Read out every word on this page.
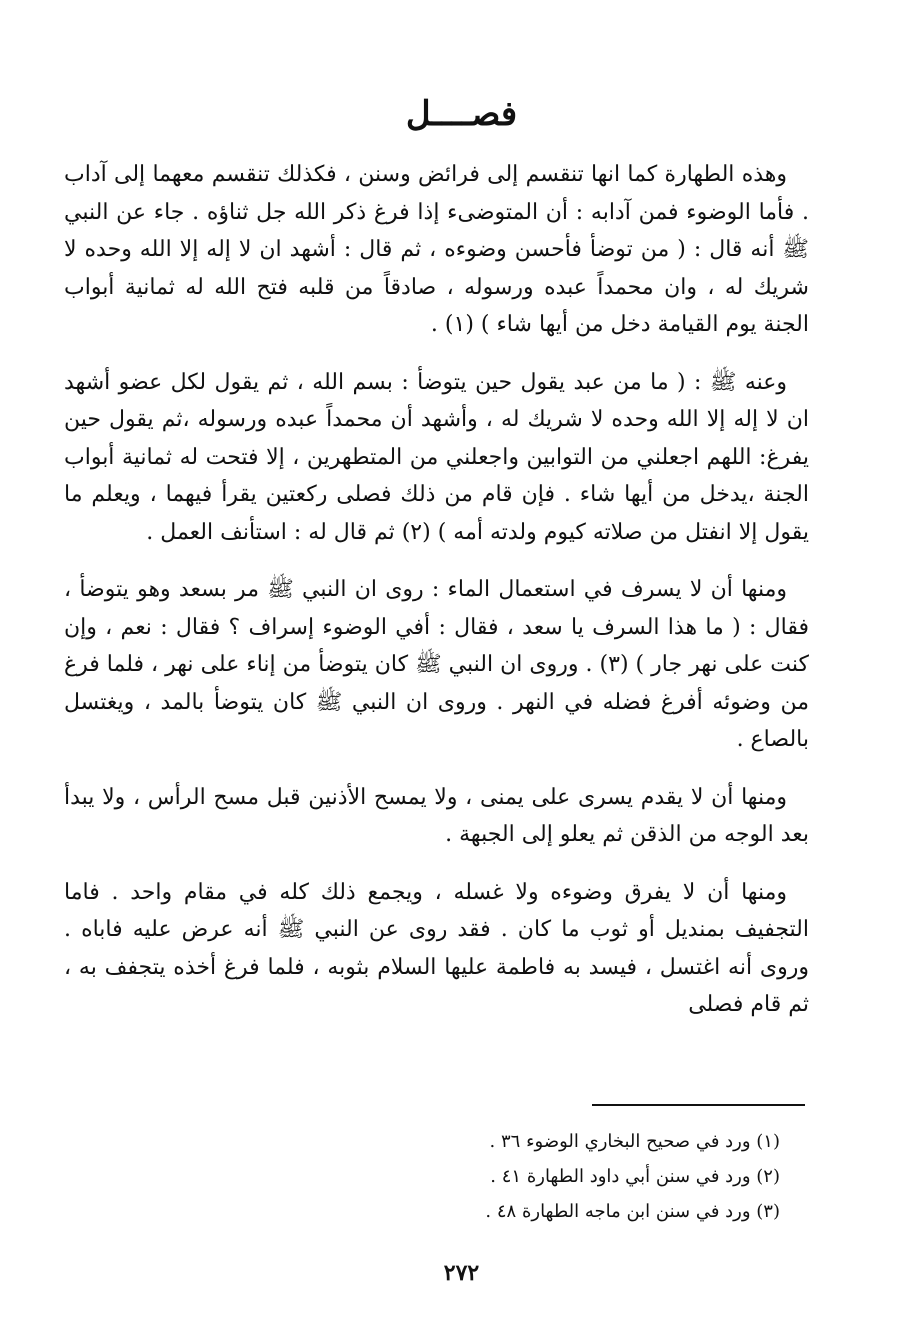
فصــــل

وهذه الطهارة كما انها تنقسم إلى فرائض وسنن ، فكذلك تنقسم معهما إلى آداب . فأما الوضوء فمن آدابه : أن المتوضىء إذا فرغ ذكر الله جل ثناؤه . جاء عن النبي ﷺ أنه قال : ( من توضأ فأحسن وضوءه ، ثم قال : أشهد ان لا إله إلا الله وحده لا شريك له ، وان محمداً عبده ورسوله ، صادقاً من قلبه فتح الله له ثمانية أبواب الجنة يوم القيامة دخل من أيها شاء ) (١) .

وعنه ﷺ : ( ما من عبد يقول حين يتوضأ : بسم الله ، ثم يقول لكل عضو أشهد ان لا إله إلا الله وحده لا شريك له ، وأشهد أن محمداً عبده ورسوله ،ثم يقول حين يفرغ: اللهم اجعلني من التوابين واجعلني من المتطهرين ، إلا فتحت له ثمانية أبواب الجنة ،يدخل من أيها شاء . فإن قام من ذلك فصلى ركعتين يقرأ فيهما ، ويعلم ما يقول إلا انفتل من صلاته كيوم ولدته أمه ) (٢) ثم قال له : استأنف العمل .

ومنها أن لا يسرف في استعمال الماء : روى ان النبي ﷺ مر بسعد وهو يتوضأ ، فقال : ( ما هذا السرف يا سعد ، فقال : أفي الوضوء إسراف ؟ فقال : نعم ، وإن كنت على نهر جار ) (٣) . وروى ان النبي ﷺ كان يتوضأ من إناء على نهر ، فلما فرغ من وضوئه أفرغ فضله في النهر . وروى ان النبي ﷺ كان يتوضأ بالمد ، ويغتسل بالصاع .

ومنها أن لا يقدم يسرى على يمنى ، ولا يمسح الأذنين قبل مسح الرأس ، ولا يبدأ بعد الوجه من الذقن ثم يعلو إلى الجبهة .

ومنها أن لا يفرق وضوءه ولا غسله ، ويجمع ذلك كله في مقام واحد . فاما التجفيف بمنديل أو ثوب ما كان . فقد روى عن النبي ﷺ أنه عرض عليه فاباه . وروى أنه اغتسل ، فيسد به فاطمة عليها السلام بثوبه ، فلما فرغ أخذه يتجفف به ، ثم قام فصلى

(١) ورد في صحيح البخاري الوضوء ٣٦ .

(٢) ورد في سنن أبي داود الطهارة ٤١ .

(٣) ورد في سنن ابن ماجه الطهارة ٤٨ .

٢٧٢
